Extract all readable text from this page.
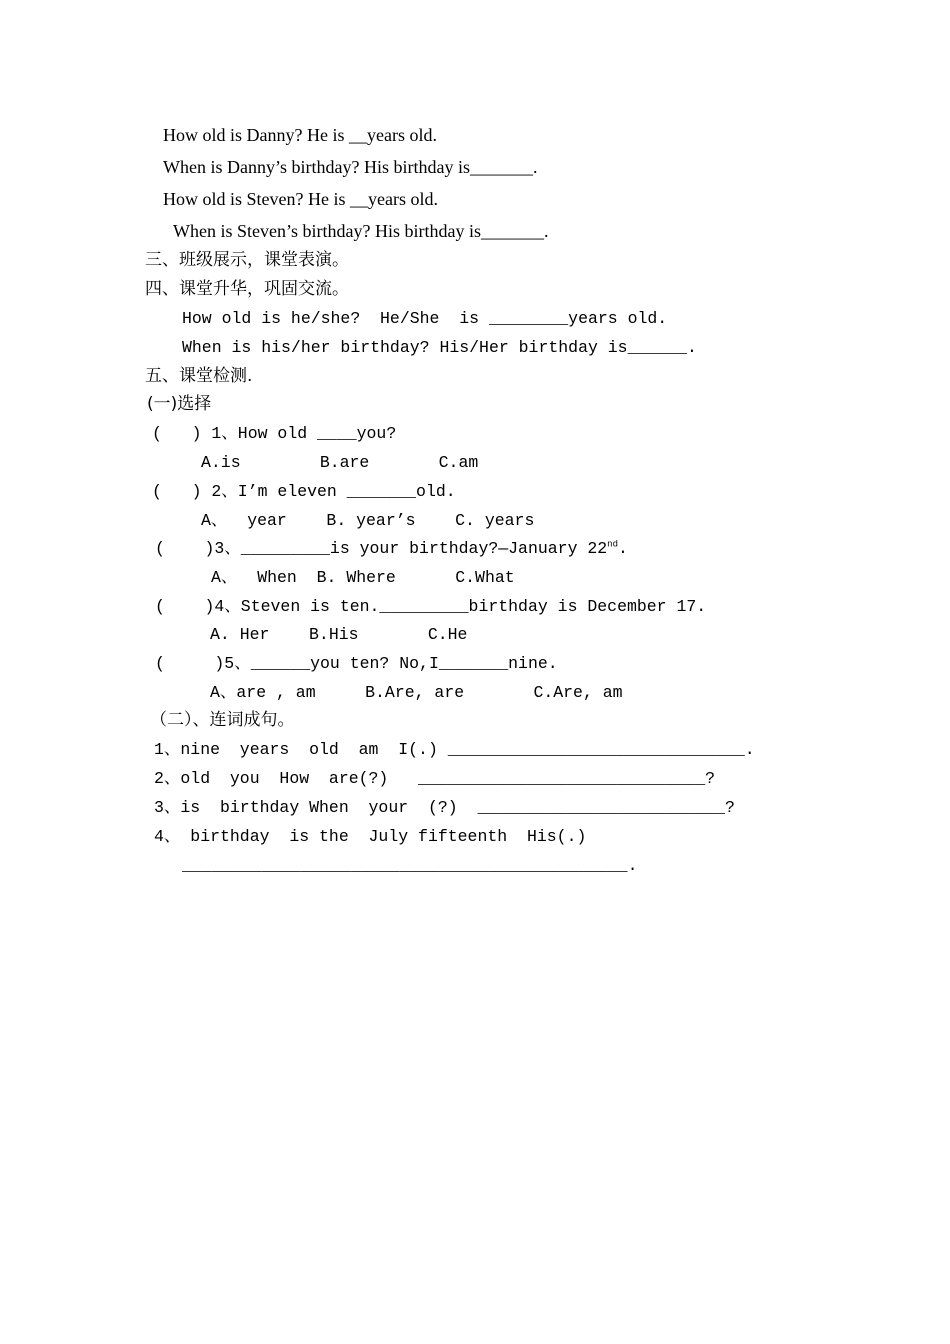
How old is Danny? He is __years old.
When is Danny’s birthday? His birthday is_______.
How old is Steven? He is __years old.
When is Steven’s birthday? His birthday is_______.
三、班级展示，课堂表演。
四、课堂升华，巩固交流。
How old is he/she?  He/She  is ________years old.
When is his/her birthday? His/Her birthday is______.
五、课堂检测.
(一)选择
(   ) 1、How old ____you?
A.is        B.are       C.am
(   ) 2、I’m eleven _______old.
A、  year    B. year’s    C. years
(    )3、_________is your birthday?—January 22nd.
A、  When  B. Where      C.What
(    )4、Steven is ten._________birthday is December 17.
A. Her    B.His       C.He
(     )5、______you ten? No,I_______nine.
A、are , am     B.Are, are       C.Are, am
（二）、连词成句。
1、nine  years  old  am  I(.) ______________________________.
2、old  you  How  are(?)   _____________________________?
3、is  birthday When  your  (?)  _________________________?
4、 birthday  is the  July fifteenth  His(.)
_____________________________________________.
